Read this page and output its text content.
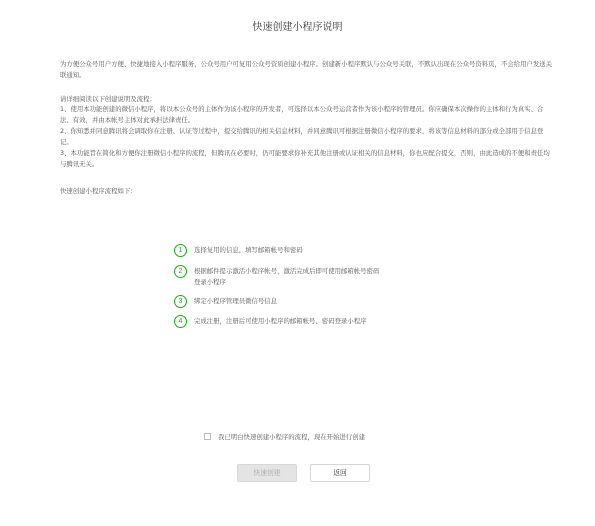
快速创建小程序说明

为方便公众号用户方便、快捷地接入小程序服务，公众号用户可复用公众号资质创建小程序。创建新小程序默认与公众号关联，不默认出现在公众号资料页，不会给用户发送关联通知。

请详细阅读以下创建说明及流程：

1、使用本功能创建的微信小程序，将以本公众号的主体作为该小程序的开发者，可选择以本公众号运营者作为该小程序的管理员。你应确保本次操作的主体和行为真实、合法、有效，并由本帐号主体对此承担法律责任。

2、你知悉并同意腾讯将会调取你在注册、认证等过程中，提交给腾讯的相关信息材料，并同意腾讯可根据注册微信小程序的要求，将该等信息材料的部分或全部用于信息登记。

3、本功能旨在简化和方便你注册微信小程序的流程，但腾讯在必要时，仍可能要求你补充其他注册或认证相关的信息材料，你也应配合提交，否则，由此造成的不便和责任均与腾讯无关。

快速创建小程序流程如下：

1	选择复用的信息，填写邮箱帐号和密码

2	根据邮件提示激活小程序帐号，激活完成后即可使用邮箱帐号密码

登录小程序

3	绑定小程序管理员微信号信息

4	完成注册，注册后可使用小程序的邮箱帐号、密码登录小程序

我已明白快速创建小程序的流程，现在开始进行创建
快速创建	返回
